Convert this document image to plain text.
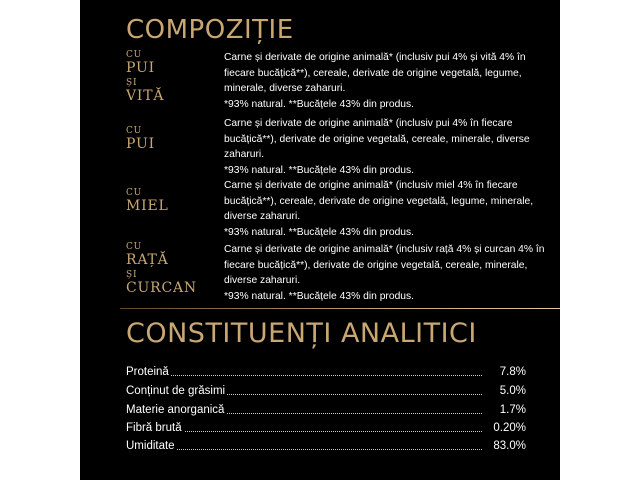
COMPOZIȚIE
CU
PUI
ȘI
VITĂ

Carne și derivate de origine animală* (inclusiv pui 4% și vită 4% în fiecare bucățică**), cereale, derivate de origine vegetală, legume, minerale, diverse zaharuri.

*93% natural. **Bucățele 43% din produs.

CU
PUI

Carne și derivate de origine animală* (inclusiv pui 4% în fiecare bucățică**), derivate de origine vegetală, cereale, minerale, diverse zaharuri.

*93% natural. **Bucățele 43% din produs.

CU
MIEL

Carne și derivate de origine animală* (inclusiv miel 4% în fiecare bucățică**), cereale, derivate de origine vegetală, legume, minerale, diverse zaharuri.

*93% natural. **Bucățele 43% din produs.

CU
RAȚĂ
ȘI
CURCAN

Carne și derivate de origine animală* (inclusiv rață 4% și curcan 4% în fiecare bucățică**), derivate de origine vegetală, cereale, minerale, diverse zaharuri.

*93% natural. **Bucățele 43% din produs.

CONSTITUENȚI ANALITICI
Proteină	7.8%
Conținut de grăsimi	5.0%
Materie anorganică	1.7%
Fibră brută	0.20%
Umiditate	83.0%
